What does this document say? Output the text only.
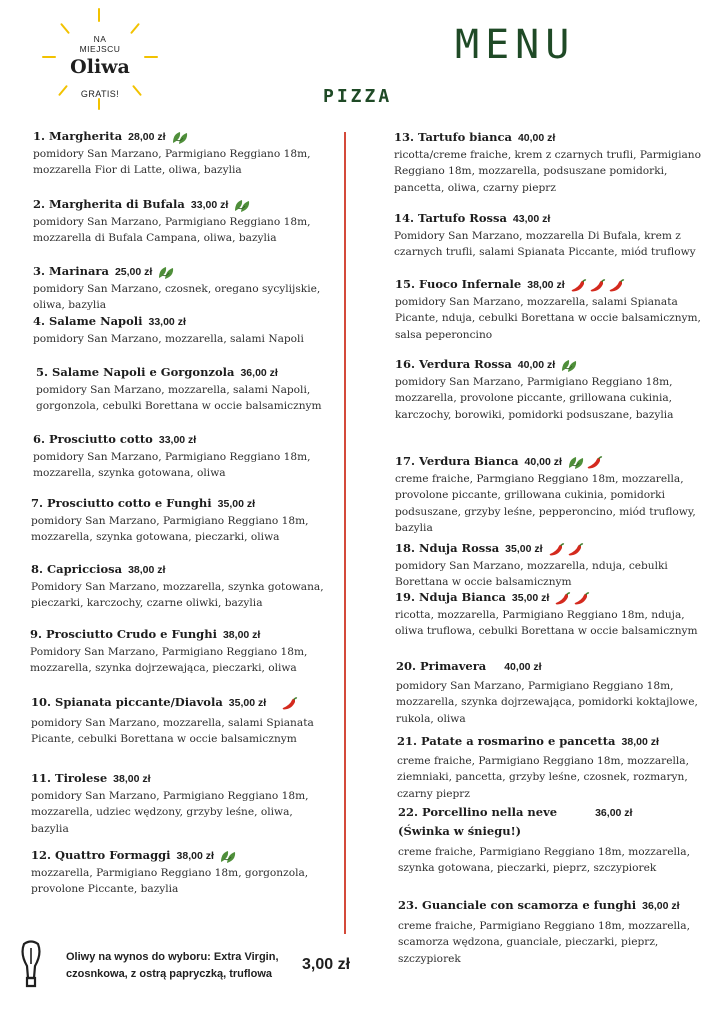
NA
MIEJSCU
Oliwa
GRATIS!
MENU
PIZZA
1. Margherita 28,00 zł
pomidory San Marzano, Parmigiano Reggiano 18m, mozzarella Fior di Latte, oliwa, bazylia
2. Margherita di Bufala 33,00 zł
pomidory San Marzano, Parmigiano Reggiano 18m, mozzarella di Bufala Campana, oliwa, bazylia
3. Marinara 25,00 zł
pomidory San Marzano, czosnek, oregano sycylijskie, oliwa, bazylia
4. Salame Napoli 33,00 zł
pomidory San Marzano, mozzarella, salami Napoli
5. Salame Napoli e Gorgonzola 36,00 zł
pomidory San Marzano, mozzarella, salami Napoli, gorgonzola, cebulki Borettana w occie balsamicznym
6. Prosciutto cotto 33,00 zł
pomidory San Marzano, Parmigiano Reggiano 18m, mozzarella, szynka gotowana, oliwa
7. Prosciutto cotto e Funghi 35,00 zł
pomidory San Marzano, Parmigiano Reggiano 18m, mozzarella, szynka gotowana, pieczarki, oliwa
8. Capricciosa 38,00 zł
Pomidory San Marzano, mozzarella, szynka gotowana, pieczarki, karczochy, czarne oliwki, bazylia
9. Prosciutto Crudo e Funghi 38,00 zł
Pomidory San Marzano, Parmigiano Reggiano 18m, mozzarella, szynka dojrzewająca, pieczarki, oliwa
10. Spianata piccante/Diavola 35,00 zł
pomidory San Marzano, mozzarella, salami Spianata Picante, cebulki Borettana w occie balsamicznym
11. Tirolese 38,00 zł
pomidory San Marzano, Parmigiano Reggiano 18m, mozzarella, udziec wędzony, grzyby leśne, oliwa, bazylia
12. Quattro Formaggi 38,00 zł
mozzarella, Parmigiano Reggiano 18m, gorgonzola, provolone Piccante, bazylia
13. Tartufo bianca 40,00 zł
ricotta/creme fraiche, krem z czarnych trufli, Parmigiano Reggiano 18m, mozzarella, podsuszane pomidorki, pancetta, oliwa, czarny pieprz
14. Tartufo Rossa 43,00 zł
Pomidory San Marzano, mozzarella Di Bufala, krem z czarnych trufli, salami Spianata Piccante, miód truflowy
15. Fuoco Infernale 38,00 zł
pomidory San Marzano, mozzarella, salami Spianata Picante, nduja, cebulki Borettana w occie balsamicznym, salsa peperoncino
16. Verdura Rossa 40,00 zł
pomidory San Marzano, Parmigiano Reggiano 18m, mozzarella, provolone piccante, grillowana cukinia, karczochy, borowiki, pomidorki podsuszane, bazylia
17. Verdura Bianca 40,00 zł
creme fraiche, Parmgiano Reggiano 18m, mozzarella, provolone piccante, grillowana cukinia, pomidorki podsuszane, grzyby leśne, pepperoncino, miód truflowy, bazylia
18. Nduja Rossa 35,00 zł
pomidory San Marzano, mozzarella, nduja, cebulki Borettana w occie balsamicznym
19. Nduja Bianca 35,00 zł
ricotta, mozzarella, Parmigiano Reggiano 18m, nduja, oliwa truflowa, cebulki Borettana w occie balsamicznym
20. Primavera 40,00 zł
pomidory San Marzano, Parmigiano Reggiano 18m, mozzarella, szynka dojrzewająca, pomidorki koktajlowe, rukola, oliwa
21. Patate a rosmarino e pancetta 38,00 zł
creme fraiche, Parmigiano Reggiano 18m, mozzarella, ziemniaki, pancetta, grzyby leśne, czosnek, rozmaryn, czarny pieprz
22. Porcellino nella neve	36,00 zł
(Świnka w śniegu!)
creme fraiche, Parmigiano Reggiano 18m, mozzarella, szynka gotowana, pieczarki, pieprz, szczypiorek
23. Guanciale con scamorza e funghi 36,00 zł
creme fraiche, Parmigiano Reggiano 18m, mozzarella, scamorza wędzona, guanciale, pieczarki, pieprz, szczypiorek
Oliwy na wynos do wyboru: Extra Virgin, czosnkowa, z ostrą papryczką, truflowa
3,00 zł
